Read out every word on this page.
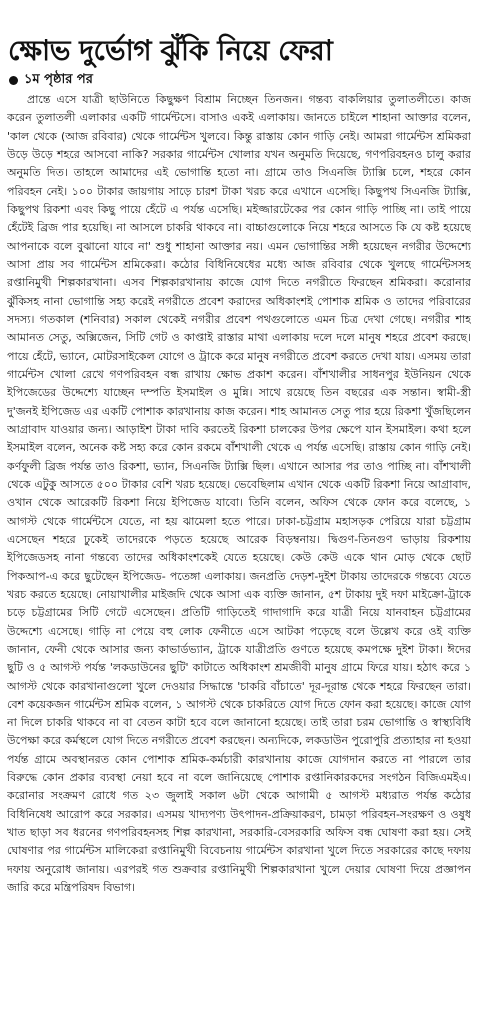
ক্ষোভ দুর্ভোগ ঝুঁকি নিয়ে ফেরা
১ম পৃষ্ঠার পর

প্রান্তে এসে যাত্রী ছাউনিতে কিছুক্ষণ বিশ্রাম নিচ্ছেন তিনজন। গন্তব্য বাকলিয়ার তুলাতলীতে। কাজ করেন তুলাতলী এলাকার একটি গার্মেন্টসে। বাসাও একই এলাকায়। জানতে চাইলে শাহানা আক্তার বলেন, 'কাল থেকে (আজ রবিবার) থেকে গার্মেন্টস খুলবে। কিন্তু রাস্তায় কোন গাড়ি নেই। আমরা গার্মেন্টস শ্রমিকরা উড়ে উড়ে শহরে আসবো নাকি? সরকার গার্মেন্টস খোলার যখন অনুমতি দিয়েছে, গণপরিবহনও চালু করার অনুমতি দিত। তাহলে আমাদের এই ভোগান্তি হতো না। গ্রামে তাও সিএনজি ট্যাক্সি চলে, শহরে কোন পরিবহন নেই। ১০০ টাকার জায়গায় সাড়ে চারশ টাকা খরচ করে এখানে এসেছি। কিছুপথ সিএনজি ট্যাক্সি, কিছুপথ রিকশা এবং কিছু পায়ে হেঁটে এ পর্যন্ত এসেছি। মইজ্জারটেকের পর কোন গাড়ি পাচ্ছি না। তাই পায়ে হেঁটেই ব্রিজ পার হয়েছি। না আসলে চাকরি থাকবে না। বাচ্চাগুলোকে নিয়ে শহরে আসতে কি যে কষ্ট হয়েছে আপনাকে বলে বুঝানো যাবে না' শুধু শাহানা আক্তার নয়। এমন ভোগান্তির সঙ্গী হয়েছেন নগরীর উদ্দেশ্যে আসা প্রায় সব গার্মেন্টস শ্রমিকেরা। কঠোর বিধিনিষেধের মধ্যে আজ রবিবার থেকে খুলছে গার্মেন্টসসহ রপ্তানিমুখী শিল্পকারখানা। এসব শিল্পকারখানায় কাজে যোগ দিতে নগরীতে ফিরছেন শ্রমিকরা। করোনার ঝুঁকিসহ নানা ভোগান্তি সহ্য করেই নগরীতে প্রবেশ করাদের অধিকাংশই পোশাক শ্রমিক ও তাদের পরিবারের সদস্য। গতকাল (শনিবার) সকাল থেকেই নগরীর প্রবেশ পথগুলোতে এমন চিত্র দেখা গেছে। নগরীর শাহ আমানত সেতু, অক্সিজেন, সিটি গেট ও কাপ্তাই রাস্তার মাথা এলাকায় দলে দলে মানুষ শহরে প্রবেশ করছে। পায়ে হেঁটে, ভ্যানে, মোটরসাইকেল যোগে ও ট্রাকে করে মানুষ নগরীতে প্রবেশ করতে দেখা যায়। এসময় তারা গার্মেন্টস খোলা রেখে গণপরিবহন বন্ধ রাখায় ক্ষোভ প্রকাশ করেন। বাঁশখালীর সাধনপুর ইউনিয়ন থেকে ইপিজেডের উদ্দেশ্যে যাচ্ছেন দম্পতি ইসমাইল ও মুন্নি। সাথে রয়েছে তিন বছরের এক সন্তান। স্বামী-স্ত্রী দু'জনই ইপিজেড এর একটি পোশাক কারখানায় কাজ করেন। শাহ আমানত সেতু পার হয়ে রিকশা খুঁজছিলেন আগ্রাবাদ যাওয়ার জন্য। আড়াইশ টাকা দাবি করতেই রিকশা চালকের উপর ক্ষেপে যান ইসমাইল। কথা হলে ইসমাইল বলেন, অনেক কষ্ট সহ্য করে কোন রকমে বাঁশখালী থেকে এ পর্যন্ত এসেছি। রাস্তায় কোন গাড়ি নেই। কর্ণফুলী ব্রিজ পর্যন্ত তাও রিকশা, ভ্যান, সিএনজি ট্যাক্সি ছিল। এখানে আসার পর তাও পাচ্ছি না। বাঁশখালী থেকে এটুকু আসতে ৫০০ টাকার বেশি খরচ হয়েছে। ভেবেছিলাম এখান থেকে একটি রিকশা নিয়ে আগ্রাবাদ, ওখান থেকে আরেকটি রিকশা নিয়ে ইপিজেড যাবো। তিনি বলেন, অফিস থেকে ফোন করে বলেছে, ১ আগস্ট থেকে গার্মেন্টসে যেতে, না হয় ঝামেলা হতে পারে। ঢাকা-চট্টগ্রাম মহাসড়ক পেরিয়ে যারা চট্টগ্রাম এসেছেন শহরে ঢুকেই তাদেরকে পড়তে হয়েছে আরেক বিড়ম্বনায়। দ্বিগুণ-তিনগুণ ভাড়ায় রিকশায় ইপিজেডসহ নানা গন্তব্যে তাদের অধিকাংশকেই যেতে হয়েছে। কেউ কেউ একে থান মোড় থেকে ছোট পিকআপ-এ করে ছুটেছেন ইপিজেড- পতেঙ্গা এলাকায়। জনপ্রতি দেড়শ-দুইশ টাকায় তাদেরকে গন্তব্যে যেতে খরচ করতে হয়েছে। নোয়াখালীর মাইজদি থেকে আসা এক ব্যক্তি জানান, ৫শ টাকায় দুই দফা মাইক্রো-ট্রাকে চড়ে চট্টগ্রামের সিটি গেটে এসেছেন। প্রতিটি গাড়িতেই গাদাগাদি করে যাত্রী নিয়ে যানবাহন চট্টগ্রামের উদ্দেশ্যে এসেছে। গাড়ি না পেয়ে বহু লোক ফেনীতে এসে আটকা পড়েছে বলে উল্লেখ করে ওই ব্যক্তি জানান, ফেনী থেকে আসার জন্য কাভার্ডভ্যান, ট্রাকে যাত্রীপ্রতি গুণতে হয়েছে কমপক্ষে দুইশ টাকা। ঈদের ছুটি ও ৫ আগস্ট পর্যন্ত 'লকডাউনের ছুটি' কাটাতে অধিকাংশ শ্রমজীবী মানুষ গ্রামে ফিরে যায়। হঠাৎ করে ১ আগস্ট থেকে কারখানাগুলো খুলে দেওয়ার সিদ্ধান্তে 'চাকরি বাঁচাতে' দূর-দূরান্ত থেকে শহরে ফিরছেন তারা। বেশ কয়েকজন গার্মেন্টস শ্রমিক বলেন, ১ আগস্ট থেকে চাকরিতে যোগ দিতে ফোন করা হয়েছে। কাজে যোগ না দিলে চাকরি থাকবে না বা বেতন কাটা হবে বলে জানানো হয়েছে। তাই তারা চরম ভোগান্তি ও স্বাস্থ্যবিধি উপেক্ষা করে কর্মস্থলে যোগ দিতে নগরীতে প্রবেশ করছেন। অন্যদিকে, লকডাউন পুরোপুরি প্রত্যাহার না হওয়া পর্যন্ত গ্রামে অবস্থানরত কোন পোশাক শ্রমিক-কর্মচারী কারখানায় কাজে যোগদান করতে না পারলে তার বিরুদ্ধে কোন প্রকার ব্যবস্থা নেয়া হবে না বলে জানিয়েছে পোশাক রপ্তানিকারকদের সংগঠন বিজিএমইএ। করোনার সংক্রমণ রোধে গত ২৩ জুলাই সকাল ৬টা থেকে আগামী ৫ আগস্ট মধ্যরাত পর্যন্ত কঠোর বিধিনিষেধ আরোপ করে সরকার। এসময় খাদ্যপণ্য উৎপাদন-প্রক্রিয়াকরণ, চামড়া পরিবহন-সংরক্ষণ ও ওষুধ খাত ছাড়া সব ধরনের গণপরিবহনসহ শিল্প কারখানা, সরকারি-বেসরকারি অফিস বন্ধ ঘোষণা করা হয়। সেই ঘোষণার পর গার্মেন্টস মালিকেরা রপ্তানিমুখী বিবেচনায় গার্মেন্টস কারখানা খুলে দিতে সরকারের কাছে দফায় দফায় অনুরোধ জানায়। এরপরই গত শুক্রবার রপ্তানিমুখী শিল্পকারখানা খুলে দেয়ার ঘোষণা দিয়ে প্রজ্ঞাপন জারি করে মন্ত্রিপরিষদ বিভাগ।
